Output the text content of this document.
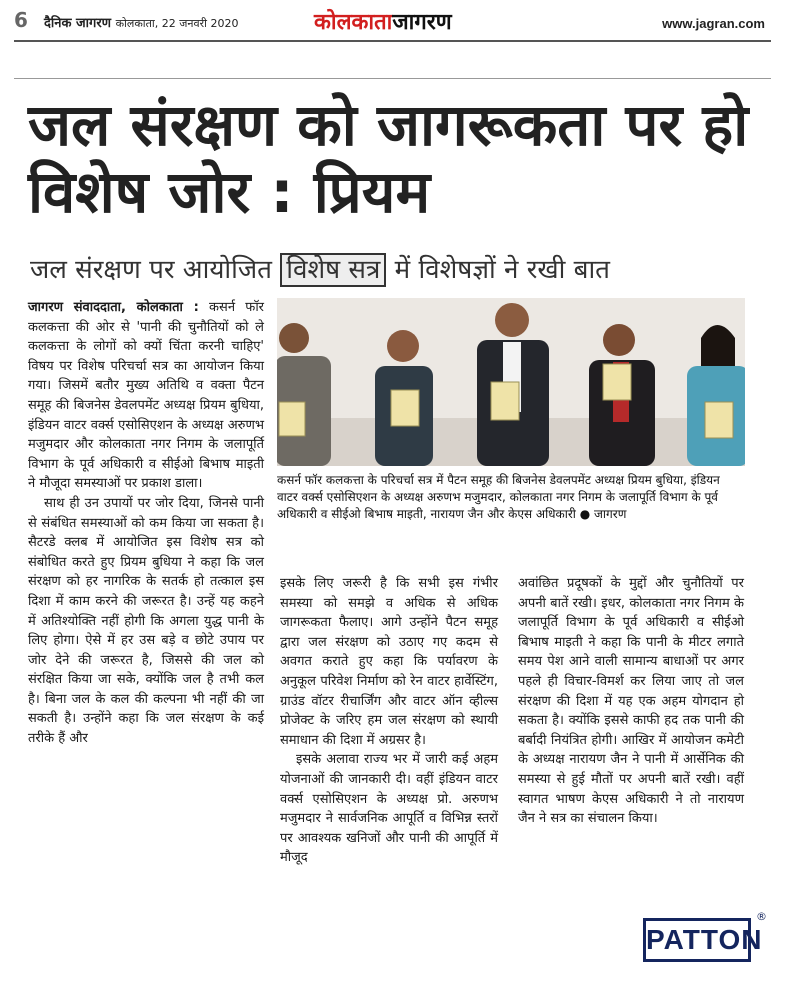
6 दैनिक जागरण कोलकाता, 22 जनवरी 2020	कोलकाताजागरण	www.jagran.com
जल संरक्षण को जागरूकता पर हो विशेष जोर : प्रियम
जल संरक्षण पर आयोजित विशेष सत्र में विशेषज्ञों ने रखी बात

जागरण संवाददाता, कोलकाता : कसर्न फॉर कलकत्ता की ओर से 'पानी की चुनौतियों को ले कलकत्ता के लोगों को क्यों चिंता करनी चाहिए' विषय पर विशेष परिचर्चा सत्र का आयोजन किया गया। जिसमें बतौर मुख्य अतिथि व वक्ता पैटन समूह की बिजनेस डेवलपमेंट अध्यक्ष प्रियम बुधिया, इंडियन वाटर वर्क्स एसोसिएशन के अध्यक्ष अरुणभ मजुमदार और कोलकाता नगर निगम के जलापूर्ति विभाग के पूर्व अधिकारी व सीईओ बिभाष माइती ने मौजूदा समस्याओं पर प्रकाश डाला।

साथ ही उन उपायों पर जोर दिया, जिनसे पानी से संबंधित समस्याओं को कम किया जा सकता है। सैटरडे क्लब में आयोजित इस विशेष सत्र को संबोधित करते हुए प्रियम बुधिया ने कहा कि जल संरक्षण को हर नागरिक के सतर्क हो तत्काल इस दिशा में काम करने की जरूरत है। उन्हें यह कहने में अतिश्योक्ति नहीं होगी कि अगला युद्ध पानी के लिए होगा। ऐसे में हर उस बड़े व छोटे उपाय पर जोर देने की जरूरत है, जिससे की जल को संरक्षित किया जा सके, क्योंकि जल है तभी कल है। बिना जल के कल की कल्पना भी नहीं की जा सकती है। उन्होंने कहा कि जल संरक्षण के कई तरीके हैं और

कसर्न फॉर कलकत्ता के परिचर्चा सत्र में पैटन समूह की बिजनेस डेवलपमेंट अध्यक्ष प्रियम बुधिया, इंडियन वाटर वर्क्स एसोसिएशन के अध्यक्ष अरुणभ मजुमदार, कोलकाता नगर निगम के जलापूर्ति विभाग के पूर्व अधिकारी व सीईओ बिभाष माइती, नारायण जैन और केएस अधिकारी ● जागरण

इसके लिए जरूरी है कि सभी इस गंभीर समस्या को समझे व अधिक से अधिक जागरूकता फैलाए। आगे उन्होंने पैटन समूह द्वारा जल संरक्षण को उठाए गए कदम से अवगत कराते हुए कहा कि पर्यावरण के अनुकूल परिवेश निर्माण को रेन वाटर हार्वेस्टिंग, ग्राउंड वॉटर रीचार्जिंग और वाटर ऑन व्हील्स प्रोजेक्ट के जरिए हम जल संरक्षण को स्थायी समाधान की दिशा में अग्रसर है।

इसके अलावा राज्य भर में जारी कई अहम योजनाओं की जानकारी दी। वहीं इंडियन वाटर वर्क्स एसोसिएशन के अध्यक्ष प्रो. अरुणभ मजुमदार ने सार्वजनिक आपूर्ति व विभिन्न स्तरों पर आवश्यक खनिजों और पानी की आपूर्ति में मौजूद

अवांछित प्रदूषकों के मुद्दों और चुनौतियों पर अपनी बातें रखी। इधर, कोलकाता नगर निगम के जलापूर्ति विभाग के पूर्व अधिकारी व सीईओ बिभाष माइती ने कहा कि पानी के मीटर लगाते समय पेश आने वाली सामान्य बाधाओं पर अगर पहले ही विचार-विमर्श कर लिया जाए तो जल संरक्षण की दिशा में यह एक अहम योगदान हो सकता है। क्योंकि इससे काफी हद तक पानी की बर्बादी नियंत्रित होगी। आखिर में आयोजन कमेटी के अध्यक्ष नारायण जैन ने पानी में आर्सेनिक की समस्या से हुई मौतों पर अपनी बातें रखी। वहीं स्वागत भाषण केएस अधिकारी ने तो नारायण जैन ने सत्र का संचालन किया।

PATTON
®
